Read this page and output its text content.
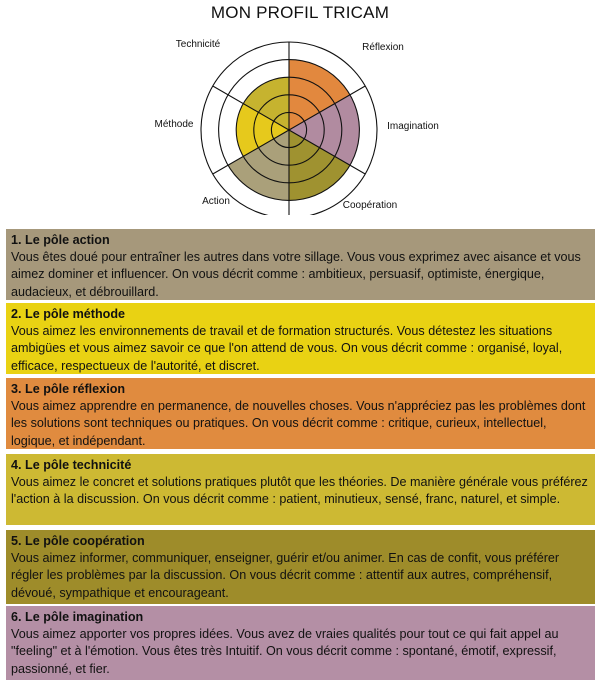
MON PROFIL TRICAM
Réflexion
Imagination
Coopération
Action
Méthode
Technicité
1. Le pôle action
Vous êtes doué pour entraîner les autres dans votre sillage. Vous vous exprimez avec aisance et vous aimez dominer et influencer. On vous décrit comme : ambitieux, persuasif, optimiste, énergique, audacieux, et débrouillard.
2. Le pôle méthode
Vous aimez les environnements de travail et de formation structurés. Vous détestez les situations ambigües et vous aimez savoir ce que l'on attend de vous. On vous décrit comme : organisé, loyal, efficace, respectueux de l'autorité, et discret.
3. Le pôle réflexion
Vous aimez apprendre en permanence, de nouvelles choses. Vous n'appréciez pas les problèmes dont les solutions sont techniques ou pratiques. On vous décrit comme : critique, curieux, intellectuel, logique, et indépendant.
4. Le pôle technicité
Vous aimez le concret et solutions pratiques plutôt que les théories. De manière générale vous préférez l'action à la discussion. On vous décrit comme : patient, minutieux, sensé, franc, naturel, et simple.
5. Le pôle coopération
Vous aimez informer, communiquer, enseigner, guérir et/ou animer. En cas de confit, vous préférer régler les problèmes par la discussion. On vous décrit comme : attentif aux autres, compréhensif, dévoué, sympathique et encourageant.
6. Le pôle imagination
Vous aimez apporter vos propres idées. Vous avez de vraies qualités pour tout ce qui fait appel au "feeling" et à l'émotion. Vous êtes très Intuitif. On vous décrit comme : spontané, émotif, expressif, passionné, et fier.
